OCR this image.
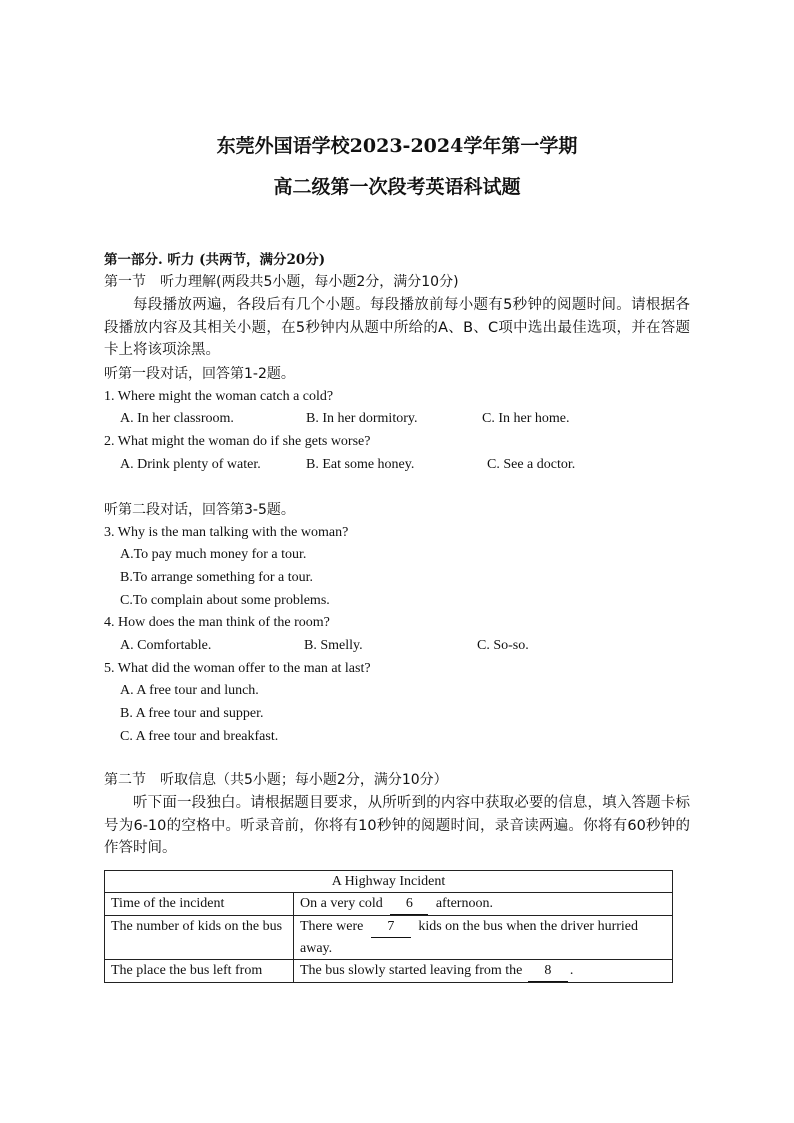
东莞外国语学校2023-2024学年第一学期
高二级第一次段考英语科试题
第一部分. 听力 (共两节，满分20分)
第一节　听力理解(两段共5小题，每小题2分，满分10分)
每段播放两遍，各段后有几个小题。每段播放前每小题有5秒钟的阅题时间。请根据各段播放内容及其相关小题，在5秒钟内从题中所给的A、B、C项中选出最佳选项，并在答题卡上将该项涂黑。
听第一段对话，回答第1-2题。
1. Where might the woman catch a cold?
A. In her classroom.	B. In her dormitory.	C. In her home.
2. What might the woman do if she gets worse?
A. Drink plenty of water.	B. Eat some honey.	C. See a doctor.
听第二段对话，回答第3-5题。
3. Why is the man talking with the woman?
A.To pay much money for a tour.
B.To arrange something for a tour.
C.To complain about some problems.
4. How does the man think of the room?
A. Comfortable.	B. Smelly.	C. So-so.
5. What did the woman offer to the man at last?
A. A free tour and lunch.
B. A free tour and supper.
C. A free tour and breakfast.
第二节　听取信息（共5小题；每小题2分，满分10分）
听下面一段独白。请根据题目要求，从所听到的内容中获取必要的信息，填入答题卡标号为6-10的空格中。听录音前，你将有10秒钟的阅题时间，录音读两遍。你将有60秒钟的作答时间。
A Highway Incident	
Time of the incident	On a very cold 6 afternoon.
The number of kids on the bus	There were 7 kids on the bus when the driver hurried away.
The place the bus left from	The bus slowly started leaving from the 8 .
